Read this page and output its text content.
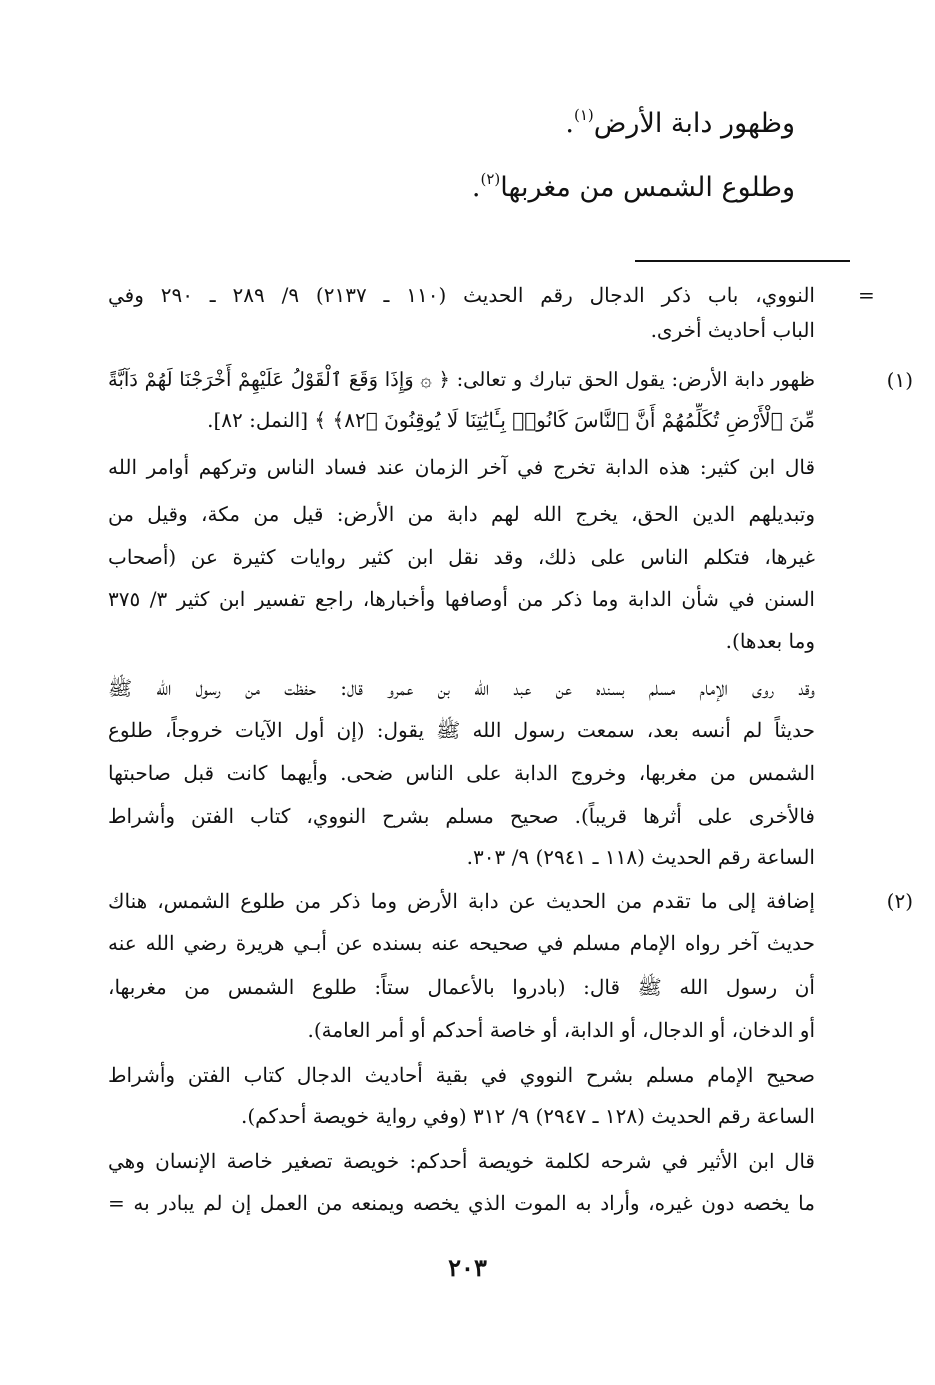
وظهور دابة الأرض$^{(١)}$.
وطلوع الشمس من مغربها$^{(٢)}$.
=
النووي، باب ذكر الدجال رقم الحديث (١١٠ ـ ٢١٣٧) ٩/ ٢٨٩ ـ ٢٩٠ وفي
الباب أحاديث أخرى.
(١)
ظهور دابة الأرض: يقول الحق تبارك و تعالى: ﴿ ۞ وَإِذَا وَقَعَ ٱلْقَوْلُ عَلَيْهِمْ أَخْرَجْنَا لَهُمْ دَآبَّةً
مِّنَ ٱلْأَرْضِ تُكَلِّمُهُمْ أَنَّ ٱلنَّاسَ كَانُوا۟ بِـَٔايَٰتِنَا لَا يُوقِنُونَ ﴿٨٢﴾ ﴾ [النمل: ٨٢].
قال ابن كثير: هذه الدابة تخرج في آخر الزمان عند فساد الناس وتركهم أوامر الله
وتبديلهم الدين الحق، يخرج الله لهم دابة من الأرض: قيل من مكة، وقيل من
غيرها، فتكلم الناس على ذلك، وقد نقل ابن كثير روايات كثيرة عن (أصحاب
السنن في شأن الدابة وما ذكر من أوصافها وأخبارها، راجع تفسير ابن كثير ٣/ ٣٧٥
وما بعدها).
وقد روى الإمام مسلم بسنده عن عبد الله بن عمرو قال: حفظت من رسول الله ﷺ
حديثاً لم أنسه بعد، سمعت رسول الله ﷺ يقول: (إن أول الآيات خروجاً، طلوع
الشمس من مغربها، وخروج الدابة على الناس ضحى. وأيهما كانت قبل صاحبتها
فالأخرى على أثرها قريباً). صحيح مسلم بشرح النووي، كتاب الفتن وأشراط
الساعة رقم الحديث (١١٨ ـ ٢٩٤١) ٩/ ٣٠٣.
(٢)
إضافة إلى ما تقدم من الحديث عن دابة الأرض وما ذكر من طلوع الشمس، هناك
حديث آخر رواه الإمام مسلم في صحيحه عنه بسنده عن أبـي هريرة رضي الله عنه
أن رسول الله ﷺ قال: (بادروا بالأعمال ستاً: طلوع الشمس من مغربها،
أو الدخان، أو الدجال، أو الدابة، أو خاصة أحدكم أو أمر العامة).
صحيح الإمام مسلم بشرح النووي في بقية أحاديث الدجال كتاب الفتن وأشراط
الساعة رقم الحديث (١٢٨ ـ ٢٩٤٧) ٩/ ٣١٢ (وفي رواية خويصة أحدكم).
قال ابن الأثير في شرحه لكلمة خويصة أحدكم: خويصة تصغير خاصة الإنسان وهي
ما يخصه دون غيره، وأراد به الموت الذي يخصه ويمنعه من العمل إن لم يبادر به =
٢٠٣
